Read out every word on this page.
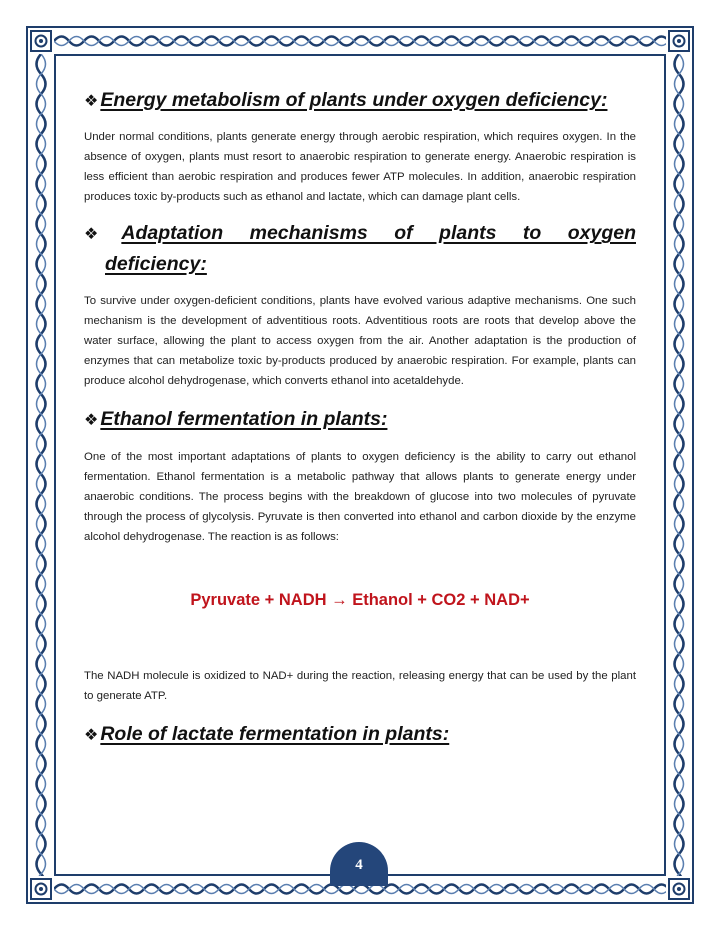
❖ Energy metabolism of plants under oxygen deficiency:

Under normal conditions, plants generate energy through aerobic respiration, which requires oxygen. In the absence of oxygen, plants must resort to anaerobic respiration to generate energy. Anaerobic respiration is less efficient than aerobic respiration and produces fewer ATP molecules. In addition, anaerobic respiration produces toxic by-products such as ethanol and lactate, which can damage plant cells.

❖ Adaptation mechanisms of plants to oxygen
deficiency:

To survive under oxygen-deficient conditions, plants have evolved various adaptive mechanisms. One such mechanism is the development of adventitious roots. Adventitious roots are roots that develop above the water surface, allowing the plant to access oxygen from the air. Another adaptation is the production of enzymes that can metabolize toxic by-products produced by anaerobic respiration. For example, plants can produce alcohol dehydrogenase, which converts ethanol into acetaldehyde.

❖ Ethanol fermentation in plants:

One of the most important adaptations of plants to oxygen deficiency is the ability to carry out ethanol fermentation. Ethanol fermentation is a metabolic pathway that allows plants to generate energy under anaerobic conditions. The process begins with the breakdown of glucose into two molecules of pyruvate through the process of glycolysis. Pyruvate is then converted into ethanol and carbon dioxide by the enzyme alcohol dehydrogenase. The reaction is as follows:

Pyruvate + NADH → Ethanol + CO2 + NAD+

The NADH molecule is oxidized to NAD+ during the reaction, releasing energy that can be used by the plant to generate ATP.

❖ Role of lactate fermentation in plants:
4
